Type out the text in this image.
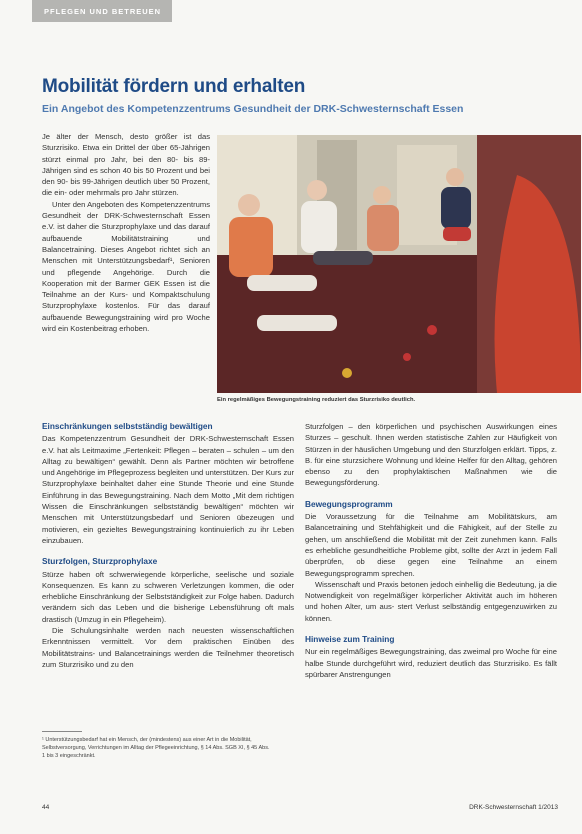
PFLEGEN UND BETREUEN
Mobilität fördern und erhalten
Ein Angebot des Kompetenzzentrums Gesundheit der DRK-Schwesternschaft Essen

Je älter der Mensch, desto größer ist das Sturzrisiko. Etwa ein Drittel der über 65-Jährigen stürzt einmal pro Jahr, bei den 80- bis 89-Jährigen sind es schon 40 bis 50 Prozent und bei den 90- bis 99-Jährigen deutlich über 50 Prozent, die ein- oder mehrmals pro Jahr stürzen.

Unter den Angeboten des Kompetenzzentrums Gesundheit der DRK-Schwesternschaft Essen e.V. ist daher die Sturzprophylaxe und das darauf aufbauende Mobilitätstraining und Balancetraining. Dieses Angebot richtet sich an Menschen mit Unterstützungsbedarf¹, Senioren und pflegende Angehörige. Durch die Kooperation mit der Barmer GEK Essen ist die Teilnahme an der Kurs- und Kompaktschulung Sturzprophylaxe kostenlos. Für das darauf aufbauende Bewegungstraining wird pro Woche wird ein Kostenbeitrag erhoben.

Ein regelmäßiges Bewegungstraining reduziert das Sturzrisiko deutlich.
Einschränkungen selbstständig bewältigen

Das Kompetenzzentrum Gesundheit der DRK-Schwesternschaft Essen e.V. hat als Leitmaxime „Fertenkeit: Pflegen – beraten – schulen – um den Alltag zu bewältigen“ gewählt. Denn als Partner möchten wir betroffene und Angehörige im Pflegeprozess begleiten und unterstützen. Der Kurs zur Sturzprophylaxe beinhaltet daher eine Stunde Theorie und eine Stunde Einführung in das Bewegungstraining. Nach dem Motto „Mit dem richtigen Wissen die Einschränkungen selbstständig bewältigen“ möchten wir Menschen mit Unterstützungsbedarf und Senioren übezeugen und motivieren, ein gezieltes Bewegungstraining kontinuierlich zu ihr Leben einzubauen.

Sturzfolgen, Sturzprophylaxe

Stürze haben oft schwerwiegende körperliche, seelische und soziale Konsequenzen. Es kann zu schweren Verletzungen kommen, die oder erhebliche Einschränkung der Selbstständigkeit zur Folge haben. Dadurch verändern sich das Leben und die bisherige Lebensführung oft mals drastisch (Umzug in ein Pflegeheim).

Die Schulungsinhalte werden nach neuesten wissenschaftlichen Erkenntnissen vermittelt. Vor dem praktischen Einüben des Mobilitätstrains- und Balancetrainings werden die Teilnehmer theoretisch zum Sturzrisiko und zu den

Sturzfolgen – den körperlichen und psychischen Auswirkungen eines Sturzes – geschult. Ihnen werden statistische Zahlen zur Häufigkeit von Stürzen in der häuslichen Umgebung und den Sturzfolgen erklärt. Tipps, z. B. für eine sturzsichere Wohnung und kleine Helfer für den Alltag, gehören ebenso zu den prophylaktischen Maßnahmen wie die Bewegungsförderung.

Bewegungsprogramm

Die Voraussetzung für die Teilnahme am Mobilitätskurs, am Balancetraining und Stehfähigkeit und die Fähigkeit, auf der Stelle zu gehen, um anschließend die Mobilität mit der Zeit zunehmen kann. Falls es erhebliche gesundheitliche Probleme gibt, sollte der Arzt in jedem Fall überprüfen, ob diese gegen eine Teilnahme an einem Bewegungsprogramm sprechen.

Wissenschaft und Praxis betonen jedoch einhellig die Bedeutung, ja die Notwendigkeit von regelmäßiger körperlicher Aktivität auch im höheren und hohen Alter, um aus- stert Verlust selbständig entgegenzuwirken zu können.

Hinweise zum Training

Nur ein regelmäßiges Bewegungstraining, das zweimal pro Woche für eine halbe Stunde durchgeführt wird, reduziert deutlich das Sturzrisiko. Es fällt spürbarer Anstrengungen

¹ Unterstützungsbedarf hat ein Mensch, der (mindestens) aus einer Art in die Mobilität, Selbstversorgung, Verrichtungen im Alltag der Pflegeeinrichtung, § 14 Abs. SGB XI, § 45 Abs. 1 bis 3 eingeschränkt.
44	DRK-Schwesternschaft 1/2013
